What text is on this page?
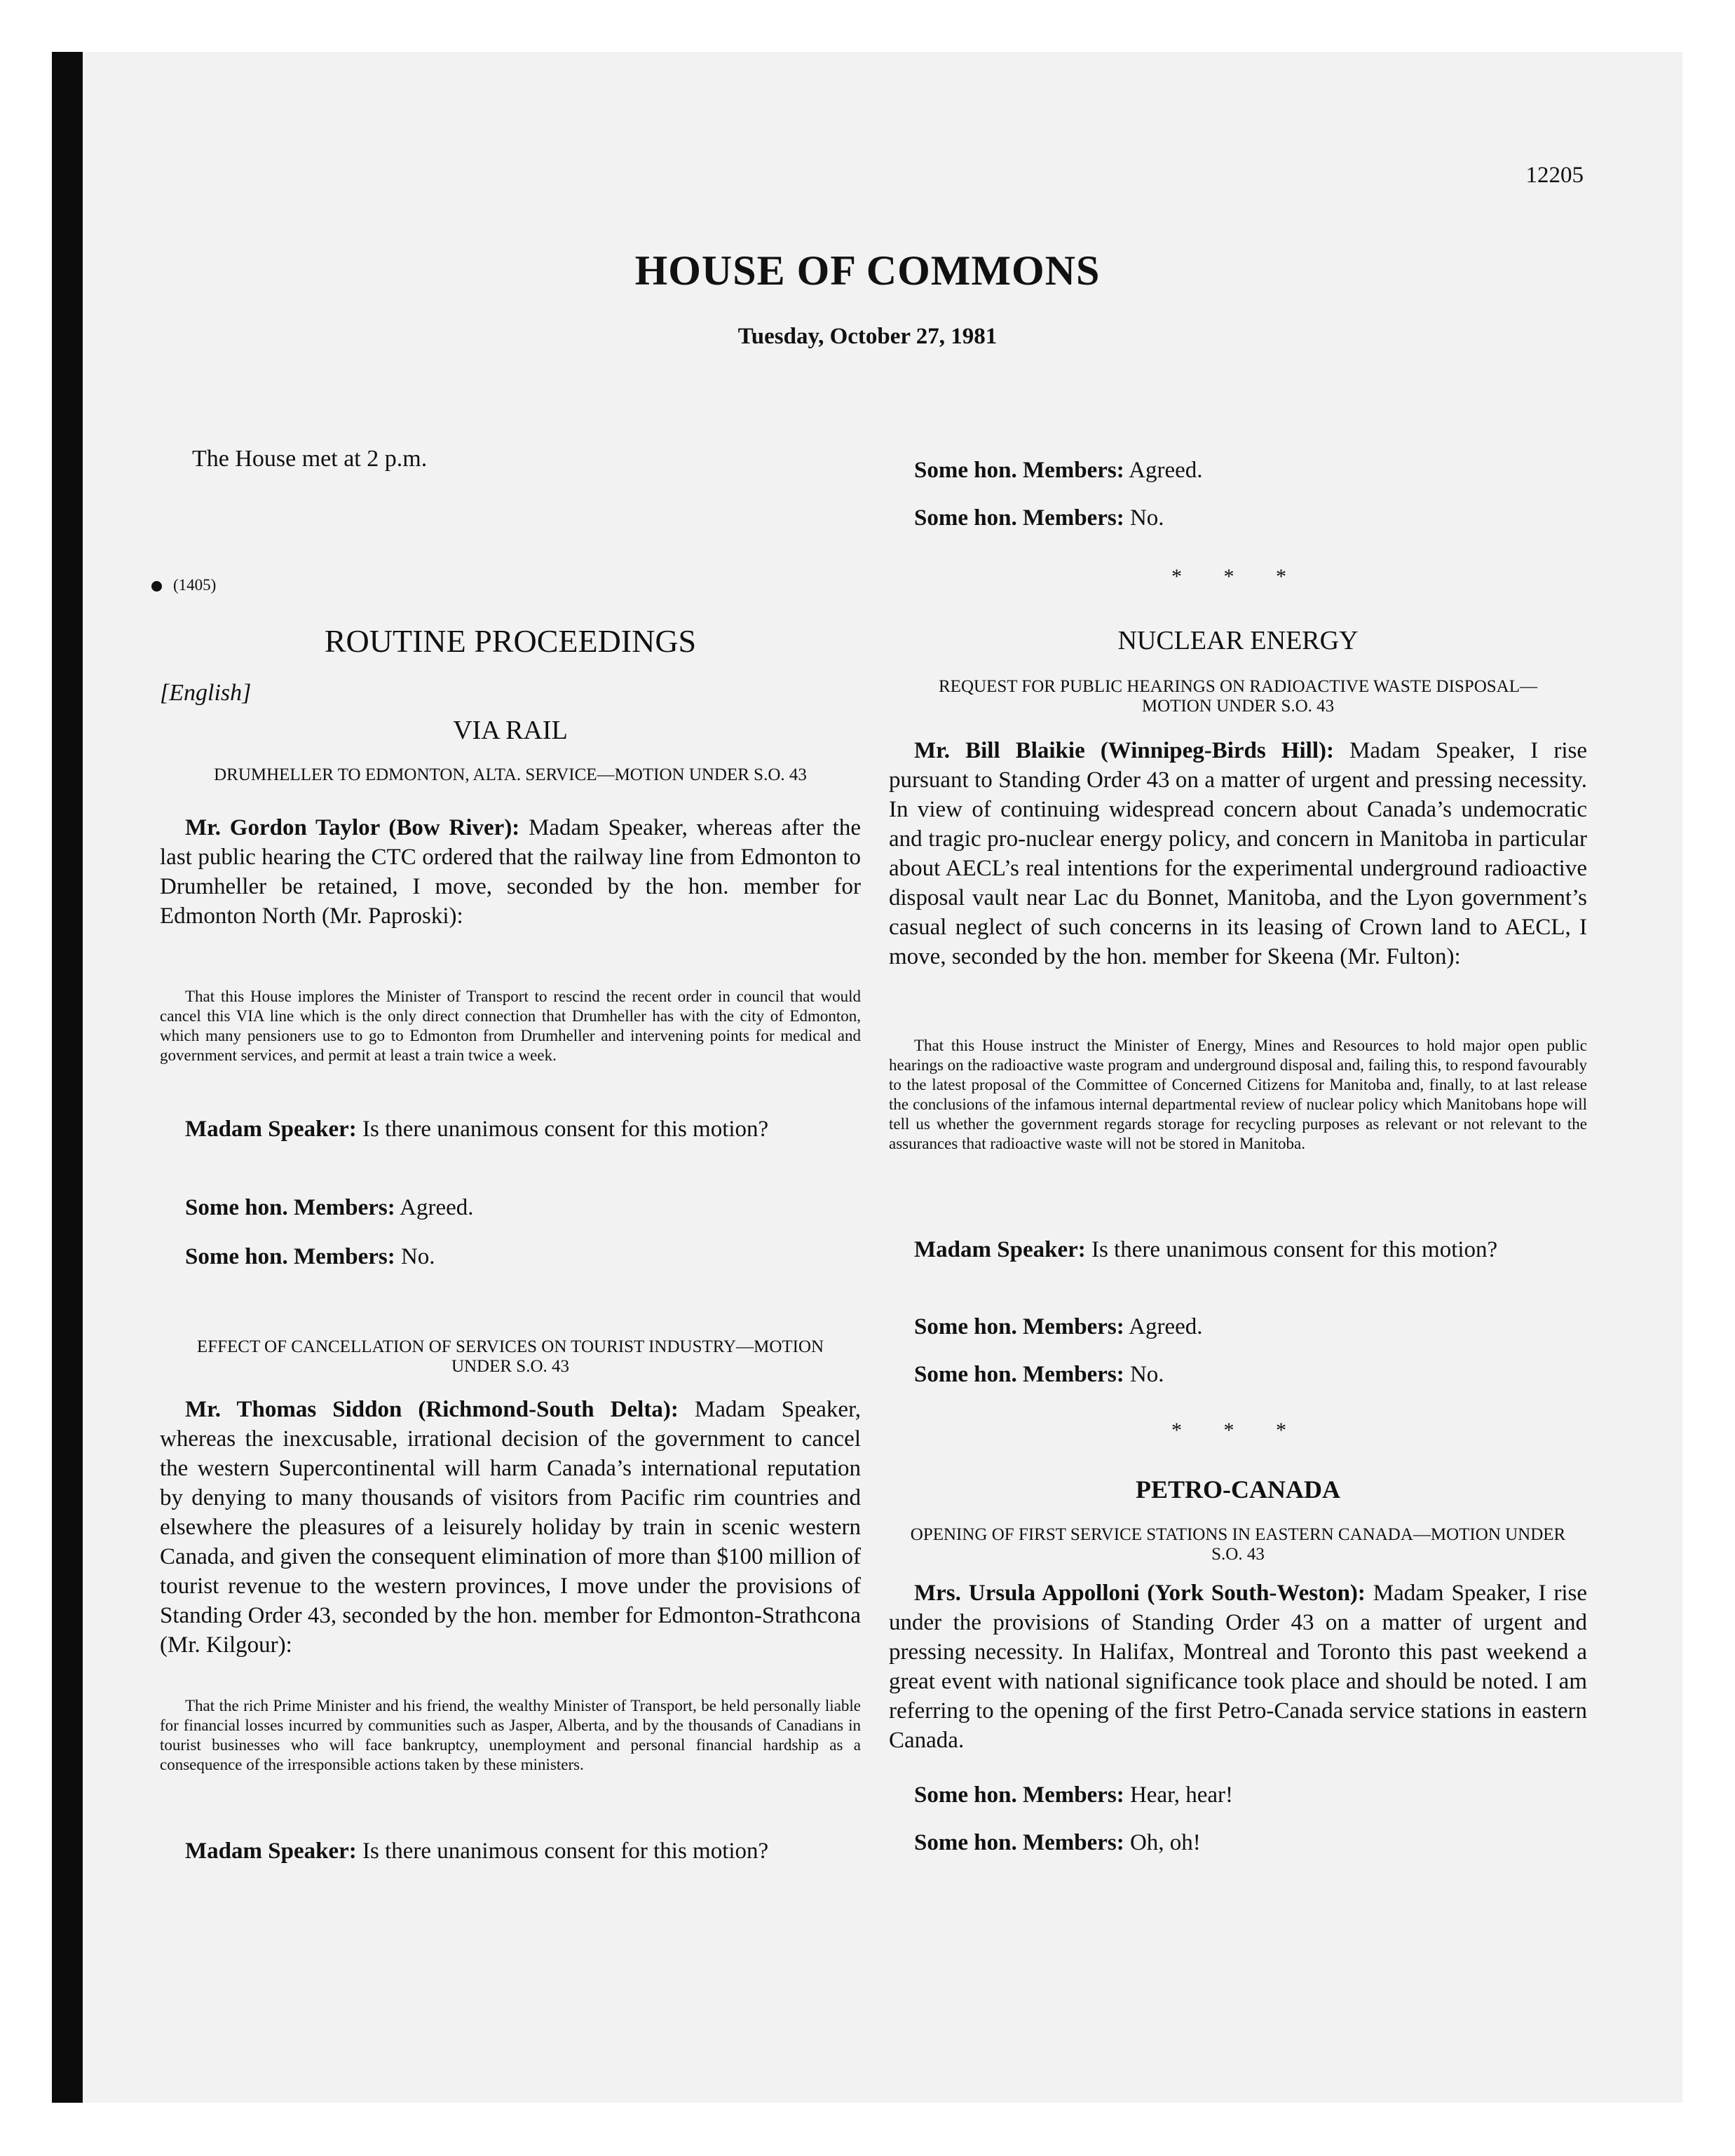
12205
HOUSE OF COMMONS
Tuesday, October 27, 1981

The House met at 2 p.m.

(1405)

ROUTINE PROCEEDINGS

[English]

VIA RAIL

DRUMHELLER TO EDMONTON, ALTA. SERVICE—MOTION UNDER S.O. 43

Mr. Gordon Taylor (Bow River): Madam Speaker, whereas after the last public hearing the CTC ordered that the railway line from Edmonton to Drumheller be retained, I move, seconded by the hon. member for Edmonton North (Mr. Paproski):

That this House implores the Minister of Transport to rescind the recent order in council that would cancel this VIA line which is the only direct connection that Drumheller has with the city of Edmonton, which many pensioners use to go to Edmonton from Drumheller and intervening points for medical and government services, and permit at least a train twice a week.

Madam Speaker: Is there unanimous consent for this motion?

Some hon. Members: Agreed.

Some hon. Members: No.

EFFECT OF CANCELLATION OF SERVICES ON TOURIST INDUSTRY—MOTION UNDER S.O. 43

Mr. Thomas Siddon (Richmond-South Delta): Madam Speaker, whereas the inexcusable, irrational decision of the government to cancel the western Supercontinental will harm Canada’s international reputation by denying to many thousands of visitors from Pacific rim countries and elsewhere the pleasures of a leisurely holiday by train in scenic western Canada, and given the consequent elimination of more than $100 million of tourist revenue to the western provinces, I move under the provisions of Standing Order 43, seconded by the hon. member for Edmonton-Strathcona (Mr. Kilgour):

That the rich Prime Minister and his friend, the wealthy Minister of Transport, be held personally liable for financial losses incurred by communities such as Jasper, Alberta, and by the thousands of Canadians in tourist businesses who will face bankruptcy, unemployment and personal financial hardship as a consequence of the irresponsible actions taken by these ministers.

Madam Speaker: Is there unanimous consent for this motion?

Some hon. Members: Agreed.

Some hon. Members: No.

* * *

NUCLEAR ENERGY

REQUEST FOR PUBLIC HEARINGS ON RADIOACTIVE WASTE DISPOSAL—MOTION UNDER S.O. 43

Mr. Bill Blaikie (Winnipeg-Birds Hill): Madam Speaker, I rise pursuant to Standing Order 43 on a matter of urgent and pressing necessity. In view of continuing widespread concern about Canada’s undemocratic and tragic pro-nuclear energy policy, and concern in Manitoba in particular about AECL’s real intentions for the experimental underground radioactive disposal vault near Lac du Bonnet, Manitoba, and the Lyon government’s casual neglect of such concerns in its leasing of Crown land to AECL, I move, seconded by the hon. member for Skeena (Mr. Fulton):

That this House instruct the Minister of Energy, Mines and Resources to hold major open public hearings on the radioactive waste program and underground disposal and, failing this, to respond favourably to the latest proposal of the Committee of Concerned Citizens for Manitoba and, finally, to at last release the conclusions of the infamous internal departmental review of nuclear policy which Manitobans hope will tell us whether the government regards storage for recycling purposes as relevant or not relevant to the assurances that radioactive waste will not be stored in Manitoba.

Madam Speaker: Is there unanimous consent for this motion?

Some hon. Members: Agreed.

Some hon. Members: No.

* * *

PETRO-CANADA

OPENING OF FIRST SERVICE STATIONS IN EASTERN CANADA—MOTION UNDER S.O. 43

Mrs. Ursula Appolloni (York South-Weston): Madam Speaker, I rise under the provisions of Standing Order 43 on a matter of urgent and pressing necessity. In Halifax, Montreal and Toronto this past weekend a great event with national significance took place and should be noted. I am referring to the opening of the first Petro-Canada service stations in eastern Canada.

Some hon. Members: Hear, hear!

Some hon. Members: Oh, oh!
